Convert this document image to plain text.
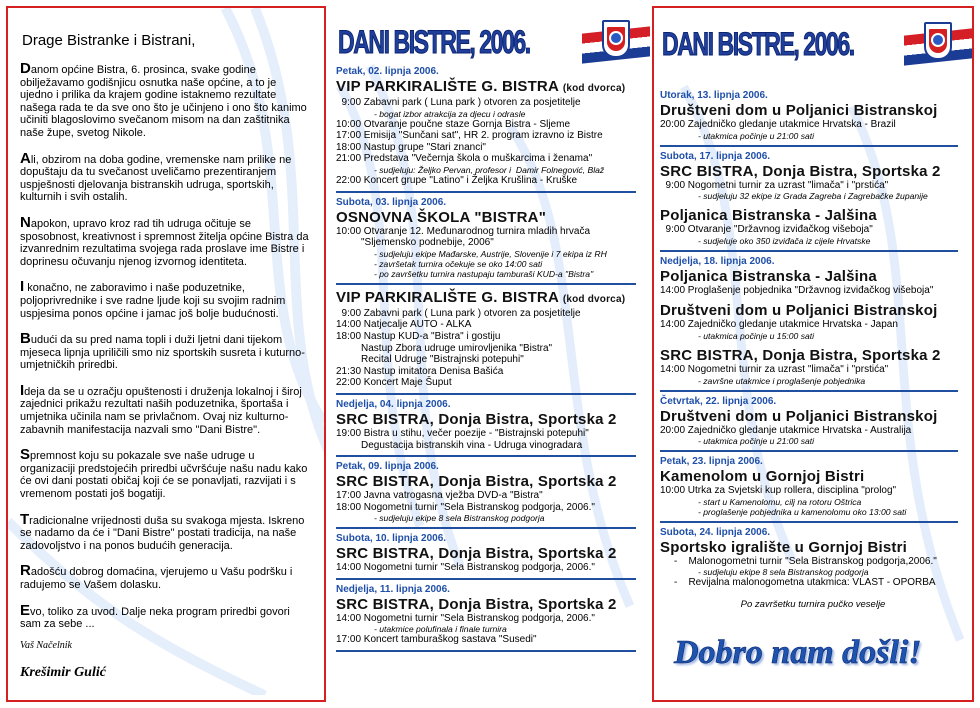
Drage Bistranke i Bistrani,
Danom općine Bistra, 6. prosinca, svake godine obilježavamo godišnjicu osnutka naše općine, a to je ujedno i prilika da krajem godine istaknemo rezultate našega rada te da sve ono što je učinjeno i ono što kanimo učiniti blagoslovimo svečanom misom na dan zaštitnika naše župe, svetog Nikole.
Ali, obzirom na doba godine, vremenske nam prilike ne dopuštaju da tu svečanost uveličamo prezentiranjem uspješnosti djelovanja bistranskih udruga, sportskih, kulturnih i svih ostalih.
Napokon, upravo kroz rad tih udruga očituje se sposobnost, kreativnost i spremnost žitelja općine Bistra da izvanrednim rezultatima svojega rada proslave ime Bistre i doprinesu očuvanju njenog izvornog identiteta.
I konačno, ne zaboravimo i naše poduzetnike, poljoprivrednike i sve radne ljude koji su svojim radnim uspjesima ponos općine i jamac još bolje budućnosti.
Budući da su pred nama topli i duži ljetni dani tijekom mjeseca lipnja upriličili smo niz sportskih susreta i kuturno-umjetničkih priredbi.
Ideja da se u ozračju opuštenosti i druženja lokalnoj i široj zajednici prikažu rezultati naših poduzetnika, športaša i umjetnika učinila nam se privlačnom. Ovaj niz kulturno-zabavnih manifestacija nazvali smo "Dani Bistre".
Spremnost koju su pokazale sve naše udruge u organizaciji predstojećih priredbi učvršćuje našu nadu kako će ovi dani postati običaj koji će se ponavljati, razvijati i s vremenom postati još bogatiji.
Tradicionalne vrijednosti duša su svakoga mjesta. Iskreno se nadamo da će i "Dani Bistre" postati tradicija, na naše zadovoljstvo i na ponos budućih generacija.
Radošću dobrog domaćina, vjerujemo u Vašu podršku i radujemo se Vašem dolasku.
Evo, toliko za uvod. Dalje neka program priredbi govori sam za sebe ...
Vaš Načelnik
Krešimir Gulić
DANI BISTRE, 2006.
Petak, 02. lipnja 2006.
VIP PARKIRALIŠTE G. BISTRA (kod dvorca)
9:00 Zabavni park ( Luna park ) otvoren za posjetitelje
- bogat izbor atrakcija za djecu i odrasle
10:00 Otvaranje poučne staze Gornja Bistra - Sljeme
17:00 Emisija "Sunčani sat", HR 2. program izravno iz Bistre
18:00 Nastup grupe "Stari znanci"
21:00 Predstava "Večernja škola o muškarcima i ženama"
- sudjeluju: Željko Pervan, profesor i  Damir Folnegović, Blaž
22:00 Koncert grupe "Latino" i Željka Krušlina - Kruške
Subota, 03. lipnja 2006.
OSNOVNA ŠKOLA "BISTRA"
10:00 Otvaranje 12. Međunarodnog turnira mladih hrvača
"Sljemensko podnebije, 2006"
- sudjeluju ekipe Mađarske, Austrije, Slovenije i 7 ekipa iz RH
- završetak turnira očekuje se oko 14:00 sati
- po završetku turnira nastupaju tamburaši KUD-a "Bistra"
VIP PARKIRALIŠTE G. BISTRA (kod dvorca)
9:00 Zabavni park ( Luna park ) otvoren za posjetitelje
14:00 Natjecalje AUTO - ALKA
18:00 Nastup KUD-a "Bistra" i gostiju
Nastup Zbora udruge umirovljenika "Bistra"
Recital Udruge "Bistrajnski potepuhi"
21:30 Nastup imitatora Denisa Bašića
22:00 Koncert Maje Šuput
Nedjelja, 04. lipnja 2006.
SRC BISTRA, Donja Bistra, Sportska 2
19:00 Bistra u stihu, večer poezije - "Bistrajnski potepuhi"
Degustacija bistranskih vina - Udruga vinogradara
Petak, 09. lipnja 2006.
SRC BISTRA, Donja Bistra, Sportska 2
17:00 Javna vatrogasna vježba DVD-a "Bistra"
18:00 Nogometni turnir "Sela Bistranskog podgorja, 2006."
- sudjeluju ekipe 8 sela Bistranskog podgorja
Subota, 10. lipnja 2006.
SRC BISTRA, Donja Bistra, Sportska 2
14:00 Nogometni turnir "Sela Bistranskog podgorja, 2006."
Nedjelja, 11. lipnja 2006.
SRC BISTRA, Donja Bistra, Sportska 2
14:00 Nogometni turnir "Sela Bistranskog podgorja, 2006."
- utakmice polufinala i finale turnira
17:00 Koncert tamburaškog sastava "Susedi"
DANI BISTRE, 2006.
Utorak, 13. lipnja 2006.
Društveni dom u Poljanici Bistranskoj
20:00 Zajedničko gledanje utakmice Hrvatska - Brazil
- utakmica počinje u 21:00 sati
Subota, 17. lipnja 2006.
SRC BISTRA, Donja Bistra, Sportska 2
9:00 Nogometni turnir za uzrast "limača" i "prstića"
- sudjeluju 32 ekipe iz Grada Zagreba i Zagrebačke županije
Poljanica Bistranska - Jalšina
9:00 Otvaranje "Državnog izviđačkog višeboja"
- sudjeluje oko 350 izviđača iz cijele Hrvatske
Nedjelja, 18. lipnja 2006.
Poljanica Bistranska - Jalšina
14:00 Proglašenje pobjednika "Državnog izviđačkog višeboja"
Društveni dom u Poljanici Bistranskoj
14:00 Zajedničko gledanje utakmice Hrvatska - Japan
- utakmica počinje u 15:00 sati
SRC BISTRA, Donja Bistra, Sportska 2
14:00 Nogometni turnir za uzrast "limača" i "prstića"
- završne utakmice i proglašenje pobjednika
Četvrtak, 22. lipnja 2006.
Društveni dom u Poljanici Bistranskoj
20:00 Zajedničko gledanje utakmice Hrvatska - Australija
- utakmica počinje u 21:00 sati
Petak, 23. lipnja 2006.
Kamenolom u Gornjoj Bistri
10:00 Utrka za Svjetski kup rollera, disciplina "prolog"
- start u Kamenolomu, cilj na rotoru Oštrica
- proglašenje pobjednika u kamenolomu oko 13:00 sati
Subota, 24. lipnja 2006.
Sportsko igralište u Gornjoj Bistri
-    Malonogometni turnir "Sela Bistranskog podgorja,2006."
- sudjeluju ekipe 8 sela Bistranskog podgorja
-    Revijalna malonogometna utakmica: VLAST - OPORBA
Po završetku turnira pučko veselje
Dobro nam došli!
